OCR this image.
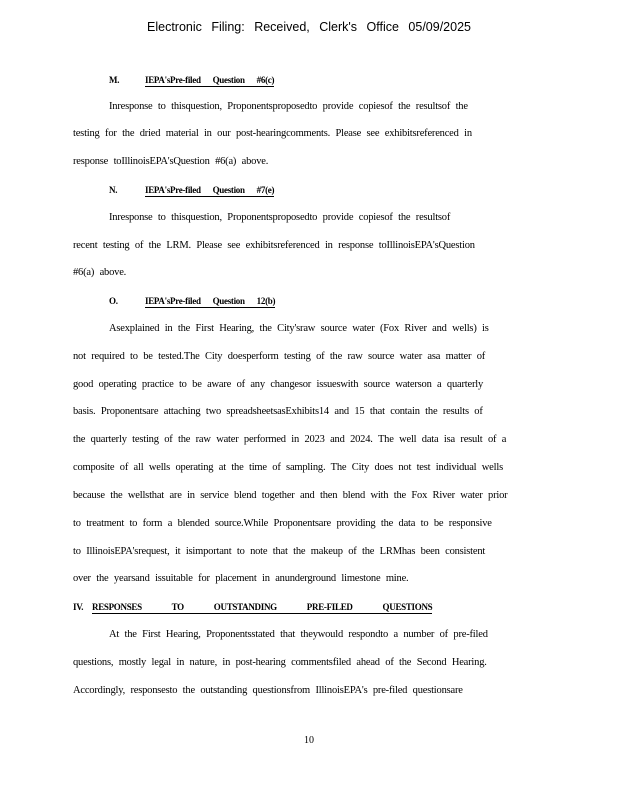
Electronic Filing: Received, Clerk's Office 05/09/2025
M.	IEPA'sPre-filed Question #6(c)
Inresponse to thisquestion, Proponentsproposedto provide copiesof the resultsof the
testing for the dried material in our post-hearingcomments. Please see exhibitsreferenced in
response toIllinoisEPA'sQuestion #6(a) above.
N.	IEPA'sPre-filed Question #7(e)
Inresponse to thisquestion, Proponentsproposedto provide copiesof the resultsof
recent testing of the LRM. Please see exhibitsreferenced in response toIllinoisEPA'sQuestion
#6(a) above.
O.	IEPA'sPre-filed Question 12(b)
Asexplained in the First Hearing, the City'sraw source water (Fox River and wells) is
not required to be tested.The City doesperform testing of the raw source water asa matter of
good operating practice to be aware of any changesor issueswith source waterson a quarterly
basis. Proponentsare attaching two spreadsheetsasExhibits14 and 15 that contain the results of
the quarterly testing of the raw water performed in 2023 and 2024. The well data isa result of a
composite of all wells operating at the time of sampling. The City does not test individual wells
because the wellsthat are in service blend together and then blend with the Fox River water prior
to treatment to form a blended source.While Proponentsare providing the data to be responsive
to IllinoisEPA'srequest, it isimportant to note that the makeup of the LRMhas been consistent
over the yearsand issuitable for placement in anunderground limestone mine.
IV. RESPONSES TO OUTSTANDING PRE-FILED QUESTIONS
At the First Hearing, Proponentsstated that theywould respondto a number of pre-filed
questions, mostly legal in nature, in post-hearing commentsfiled ahead of the Second Hearing.
Accordingly, responsesto the outstanding questionsfrom IllinoisEPA's pre-filed questionsare
10
